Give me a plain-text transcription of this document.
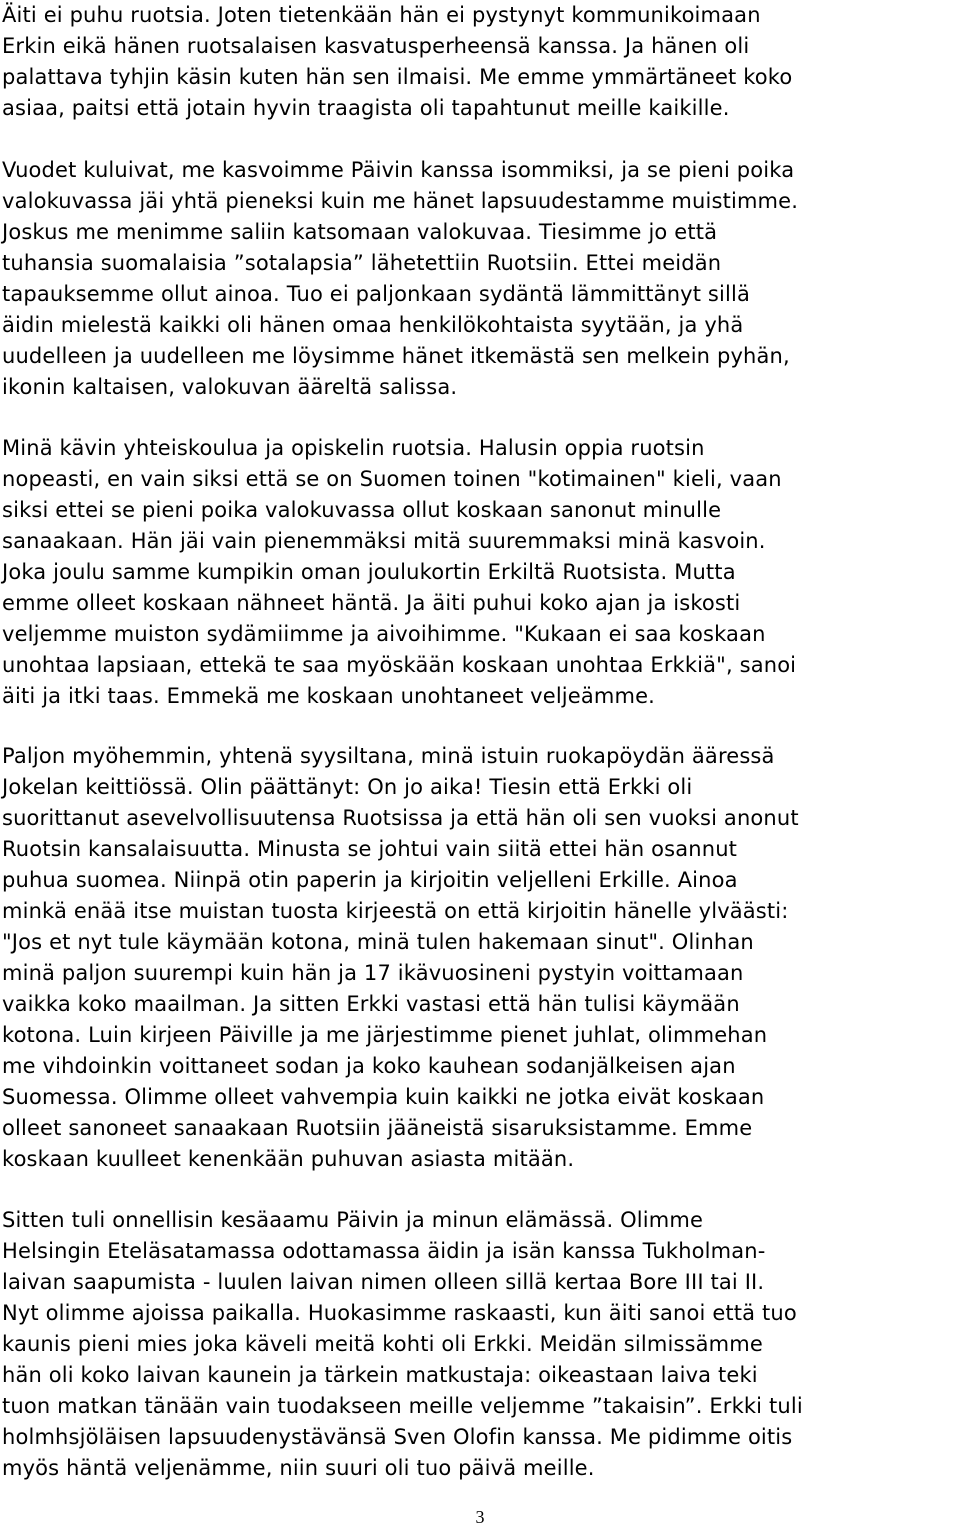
Äiti ei puhu ruotsia. Joten tietenkään hän ei pystynyt kommunikoimaan
Erkin eikä hänen ruotsalaisen kasvatusperheensä kanssa. Ja hänen oli
palattava tyhjin käsin kuten hän sen ilmaisi. Me emme ymmärtäneet koko
asiaa, paitsi että jotain hyvin traagista oli tapahtunut meille kaikille.

Vuodet kuluivat, me kasvoimme Päivin kanssa isommiksi, ja se pieni poika
valokuvassa jäi yhtä pieneksi kuin me hänet lapsuudestamme muistimme.
Joskus me menimme saliin katsomaan valokuvaa. Tiesimme jo että
tuhansia suomalaisia ”sotalapsia” lähetettiin Ruotsiin. Ettei meidän
tapauksemme ollut ainoa. Tuo ei paljonkaan sydäntä lämmittänyt sillä
äidin mielestä kaikki oli hänen omaa henkilökohtaista syytään, ja yhä
uudelleen ja uudelleen me löysimme hänet itkemästä sen melkein pyhän,
ikonin kaltaisen, valokuvan ääreltä salissa.

Minä kävin yhteiskoulua ja opiskelin ruotsia. Halusin oppia ruotsin
nopeasti, en vain siksi että se on Suomen toinen "kotimainen" kieli, vaan
siksi ettei se pieni poika valokuvassa ollut koskaan sanonut minulle
sanaakaan. Hän jäi vain pienemmäksi mitä suuremmaksi minä kasvoin.
Joka joulu samme kumpikin oman joulukortin Erkiltä Ruotsista. Mutta
emme olleet koskaan nähneet häntä. Ja äiti puhui koko ajan ja iskosti
veljemme muiston sydämiimme ja aivoihimme. "Kukaan ei saa koskaan
unohtaa lapsiaan, ettekä te saa myöskään koskaan unohtaa Erkkiä", sanoi
äiti ja itki taas. Emmekä me koskaan unohtaneet veljeämme.

Paljon myöhemmin, yhtenä syysiltana, minä istuin ruokapöydän ääressä
Jokelan keittiössä. Olin päättänyt: On jo aika! Tiesin että Erkki oli
suorittanut asevelvollisuutensa Ruotsissa ja että hän oli sen vuoksi anonut
Ruotsin kansalaisuutta. Minusta se johtui vain siitä ettei hän osannut
puhua suomea. Niinpä otin paperin ja kirjoitin veljelleni Erkille. Ainoa
minkä enää itse muistan tuosta kirjeestä on että kirjoitin hänelle ylväästi:
"Jos et nyt tule käymään kotona, minä tulen hakemaan sinut". Olinhan
minä paljon suurempi kuin hän ja 17 ikävuosineni pystyin voittamaan
vaikka koko maailman. Ja sitten Erkki vastasi että hän tulisi käymään
kotona. Luin kirjeen Päiville ja me järjestimme pienet juhlat, olimmehan
me vihdoinkin voittaneet sodan ja koko kauhean sodanjälkeisen ajan
Suomessa. Olimme olleet vahvempia kuin kaikki ne jotka eivät koskaan
olleet sanoneet sanaakaan Ruotsiin jääneistä sisaruksistamme. Emme
koskaan kuulleet kenenkään puhuvan asiasta mitään.

Sitten tuli onnellisin kesäaamu Päivin ja minun elämässä. Olimme
Helsingin Eteläsatamassa odottamassa äidin ja isän kanssa Tukholman-
laivan saapumista - luulen laivan nimen olleen sillä kertaa Bore III tai II.
Nyt olimme ajoissa paikalla. Huokasimme raskaasti, kun äiti sanoi että tuo
kaunis pieni mies joka käveli meitä kohti oli Erkki. Meidän silmissämme
hän oli koko laivan kaunein ja tärkein matkustaja: oikeastaan laiva teki
tuon matkan tänään vain tuodakseen meille veljemme ”takaisin”. Erkki tuli
holmhsjöläisen lapsuudenystävänsä Sven Olofin kanssa. Me pidimme oitis
myös häntä veljenämme, niin suuri oli tuo päivä meille.

3
